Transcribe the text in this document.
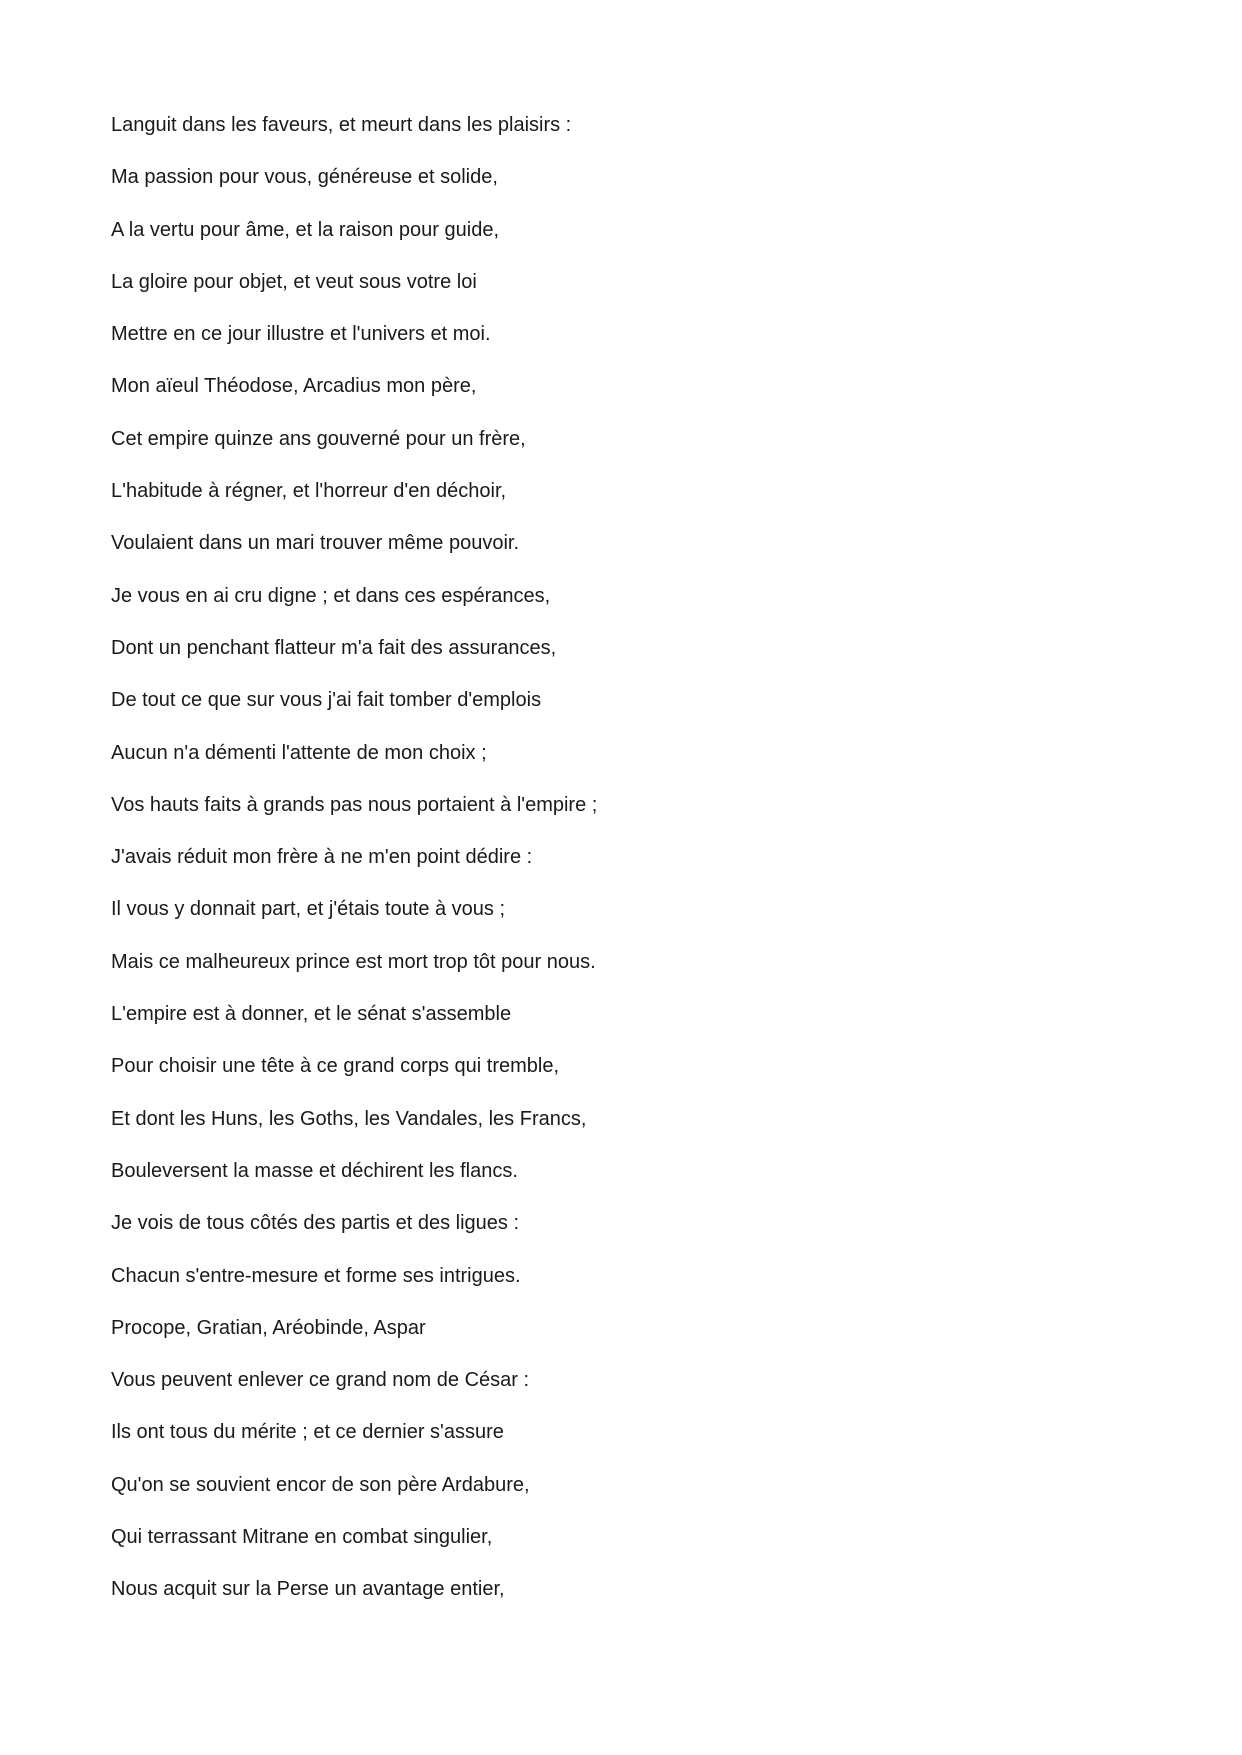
Languit dans les faveurs, et meurt dans les plaisirs :
Ma passion pour vous, généreuse et solide,
A la vertu pour âme, et la raison pour guide,
La gloire pour objet, et veut sous votre loi
Mettre en ce jour illustre et l'univers et moi.
Mon aïeul Théodose, Arcadius mon père,
Cet empire quinze ans gouverné pour un frère,
L'habitude à régner, et l'horreur d'en déchoir,
Voulaient dans un mari trouver même pouvoir.
Je vous en ai cru digne ; et dans ces espérances,
Dont un penchant flatteur m'a fait des assurances,
De tout ce que sur vous j'ai fait tomber d'emplois
Aucun n'a démenti l'attente de mon choix ;
Vos hauts faits à grands pas nous portaient à l'empire ;
J'avais réduit mon frère à ne m'en point dédire :
Il vous y donnait part, et j'étais toute à vous ;
Mais ce malheureux prince est mort trop tôt pour nous.
L'empire est à donner, et le sénat s'assemble
Pour choisir une tête à ce grand corps qui tremble,
Et dont les Huns, les Goths, les Vandales, les Francs,
Bouleversent la masse et déchirent les flancs.
Je vois de tous côtés des partis et des ligues :
Chacun s'entre-mesure et forme ses intrigues.
Procope, Gratian, Aréobinde, Aspar
Vous peuvent enlever ce grand nom de César :
Ils ont tous du mérite ; et ce dernier s'assure
Qu'on se souvient encor de son père Ardabure,
Qui terrassant Mitrane en combat singulier,
Nous acquit sur la Perse un avantage entier,
